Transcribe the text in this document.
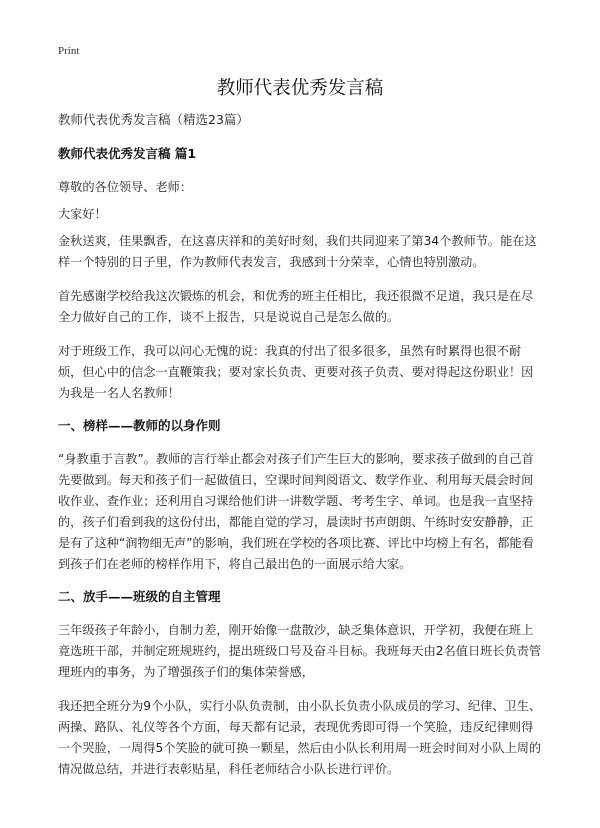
Print
教师代表优秀发言稿
教师代表优秀发言稿（精选23篇）
教师代表优秀发言稿 篇1

尊敬的各位领导、老师：

大家好！

金秋送爽，佳果飘香，在这喜庆祥和的美好时刻，我们共同迎来了第34个教师节。能在这样一个特别的日子里，作为教师代表发言，我感到十分荣幸，心情也特别激动。

首先感谢学校给我这次锻炼的机会，和优秀的班主任相比，我还很微不足道，我只是在尽全力做好自己的工作，谈不上报告，只是说说自己是怎么做的。

对于班级工作，我可以问心无愧的说：我真的付出了很多很多，虽然有时累得也很不耐烦，但心中的信念一直鞭策我；要对家长负责、更要对孩子负责、要对得起这份职业！因为我是一名人名教师！

一、榜样——教师的以身作则

“身教重于言教”。教师的言行举止都会对孩子们产生巨大的影响，要求孩子做到的自己首先要做到。每天和孩子们一起做值日，空课时间判阅语文、数学作业、利用每天晨会时间收作业、查作业；还利用自习课给他们讲一讲数学题、考考生字、单词。也是我一直坚持的，孩子们看到我的这份付出，都能自觉的学习，晨读时书声朗朗、午练时安安静静，正是有了这种“润物细无声”的影响，我们班在学校的各项比赛、评比中均榜上有名，都能看到孩子们在老师的榜样作用下，将自己最出色的一面展示给大家。

二、放手——班级的自主管理

三年级孩子年龄小，自制力差，刚开始像一盘散沙，缺乏集体意识，开学初，我便在班上竟选班干部，并制定班规班约，提出班级口号及奋斗目标。我班每天由2名值日班长负责管理班内的事务，为了增强孩子们的集体荣誉感，

我还把全班分为9个小队，实行小队负责制，由小队长负责小队成员的学习、纪律、卫生、两操、路队、礼仪等各个方面，每天都有记录，表现优秀即可得一个笑脸，违反纪律则得一个哭脸，一周得5个笑脸的就可换一颗星，然后由小队长利用周一班会时间对小队上周的情况做总结，并进行表彰贴星，科任老师结合小队长进行评价。
